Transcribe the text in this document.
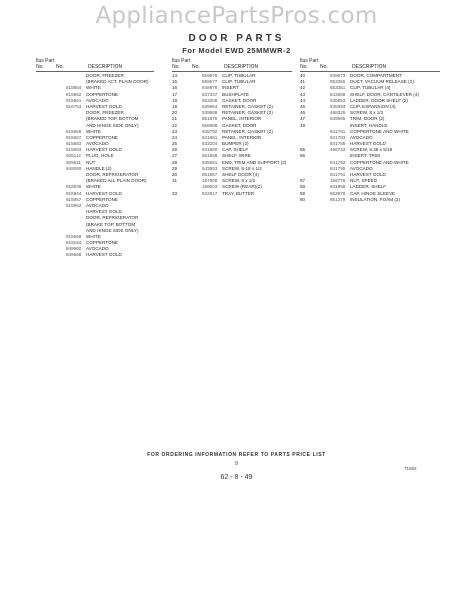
AppliancePartsPros.com
DOOR PARTS
For Model EWD 25MMWR-2
Ilus Part
No. No.	DESCRIPTION
DOOR, FREEZER
(BRAKED ACT. PLAIN DOOR)
815954 WHITE
815962 COPPERTONE
815961 AVOCADO
816753 HARVEST GOLD
DOOR, FREEZER
(BRAKED TOP, BOTTOM
AND HINGE SIDE ONLY)
815659 WHITE
815667 COPPERTONE
815683 AVOCADO
815683 HARVEST GOLD
605112 PLUG, HOLE
309511 NUT
849260 HANDLE (2)
DOOR, REFRIGERATOR
(BRAKED ALL PLAIN DOOR)
815936 WHITE
815944 HARVEST GOLD
815957 COPPERTONE
815962 AVOCADO
HARVEST GOLD
DOOR, REFRIGERATOR
(BRAKE TOP, BOTTOM
AND HINGE SIDE ONLY)
815658 WHITE
819164 COPPERTONE
849960 AVOCADO
849568 HARVEST GOLD
Ilus Part
No. No.	DESCRIPTION
14	559676 CLIP, TUBULAR
15	559677 CLIP, TUBULAR
16	849876 INSERT
17	637337 BUSHPLATE
18	653209 GASKET, DOOR
19	539954 RETAINER, GASKET (2)
20	539869 RETAINER, GASKET (2)
21	851875 PANEL, INTERIOR
22	656988 GASKET, DOOR
23	539792 RETAINER, GASKET (2)
24	841851 PANEL, INTERIOR
25	533204 BUMPER (2)
26	841860 CAP, SHELF
27	851858 SHELF, WIRE
28	835581 END, TRIM AND SUPPORT (2)
29	543953 SCREW, 8-18 x 1/2
30	851867 SHELF DOOR (4)
31	187909 SCREW, 8 x 1/2
188603 SCREW (REAR)(2)
33	522917 TRAY, BUTTER
Ilus Part
No. No.	DESCRIPTION
40	839673 DOOR, COMPARTMENT
41	853355 DUCT, VACUUM RELEASE (2)
42	853361 CLIP, TUBULAR (4)
43	843658 SHELF, DOOR, CANTILEVER (4)
44	539853 LADDER, DOOR SHELF (2)
45	535993 CLIP, EXPANSION (4)
46	488325 SCREW, 8 x 1/2
47	849565 TRIM, DOOR (2)
48	INSERT, HANDLE
841781 COPPERTONE AND WHITE
841783 AVOCADO
841786 HARVEST GOLD
55	496733 SCREW, 8.38 x 5/16
56	INSERT, TRIM
841792 COPPERTONE AND WHITE
841795 AVOCADO
841791 HARVEST GOLD
57	156775 NUT, SPEED
58	841858 LADDER, SHELF
59	853978 CAP, HINGE SLEEVE
60	851379 INSULATION, FOAM (2)
FOR ORDERING INFORMATION REFER TO PARTS PRICE LIST
9
62 - 8 - 49
71583
